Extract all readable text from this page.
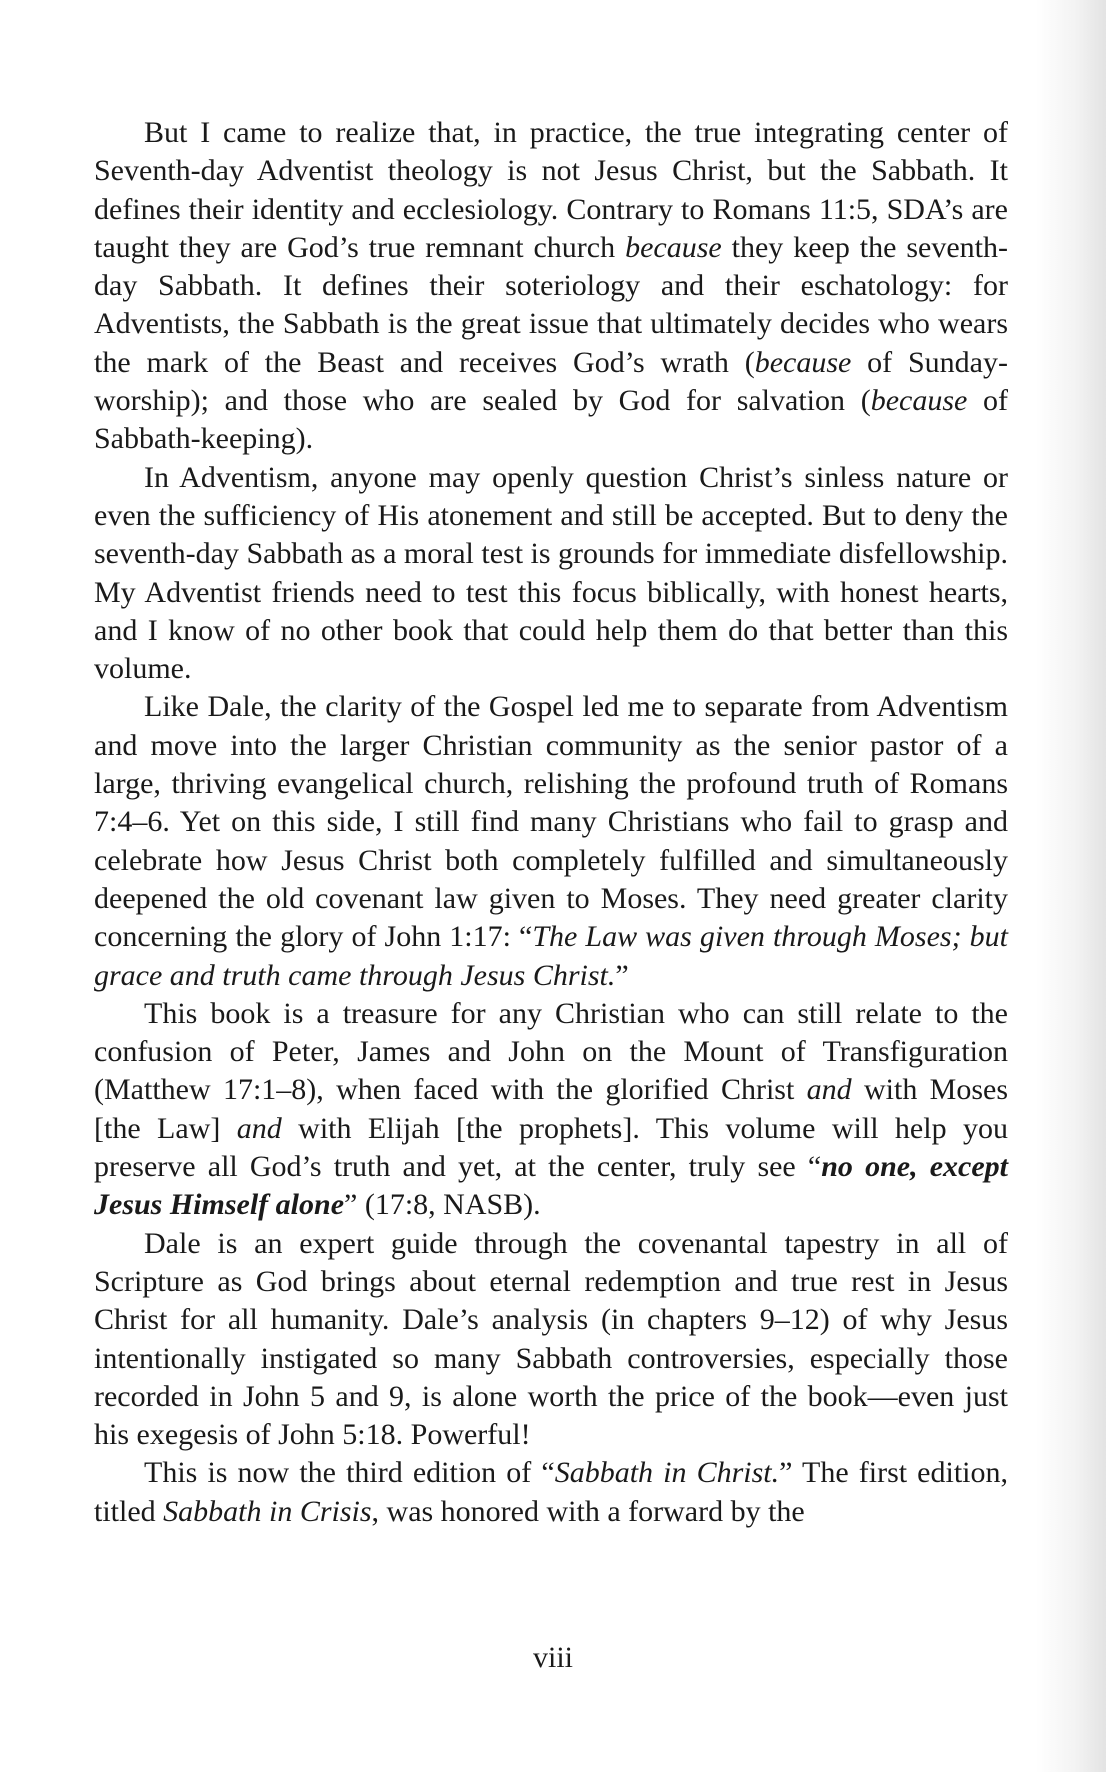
But I came to realize that, in practice, the true integrating center of Seventh-day Adventist theology is not Jesus Christ, but the Sabbath. It defines their identity and ecclesiology. Contrary to Romans 11:5, SDA’s are taught they are God’s true remnant church because they keep the seventh-day Sabbath. It defines their soteriology and their eschatology: for Adventists, the Sabbath is the great issue that ultimately decides who wears the mark of the Beast and receives God’s wrath (because of Sunday-worship); and those who are sealed by God for salvation (because of Sabbath-keeping).

In Adventism, anyone may openly question Christ’s sinless nature or even the sufficiency of His atonement and still be accepted. But to deny the seventh-day Sabbath as a moral test is grounds for immediate disfellowship. My Adventist friends need to test this focus biblically, with honest hearts, and I know of no other book that could help them do that better than this volume.

Like Dale, the clarity of the Gospel led me to separate from Adventism and move into the larger Christian community as the senior pastor of a large, thriving evangelical church, relishing the profound truth of Romans 7:4–6. Yet on this side, I still find many Christians who fail to grasp and celebrate how Jesus Christ both completely fulfilled and simultaneously deepened the old covenant law given to Moses. They need greater clarity concerning the glory of John 1:17: “The Law was given through Moses; but grace and truth came through Jesus Christ.”

This book is a treasure for any Christian who can still relate to the confusion of Peter, James and John on the Mount of Transfiguration (Matthew 17:1–8), when faced with the glorified Christ and with Moses [the Law] and with Elijah [the prophets]. This volume will help you preserve all God’s truth and yet, at the center, truly see “no one, except Jesus Himself alone” (17:8, NASB).

Dale is an expert guide through the covenantal tapestry in all of Scripture as God brings about eternal redemption and true rest in Jesus Christ for all humanity. Dale’s analysis (in chapters 9–12) of why Jesus intentionally instigated so many Sabbath controversies, especially those recorded in John 5 and 9, is alone worth the price of the book—even just his exegesis of John 5:18. Powerful!

This is now the third edition of “Sabbath in Christ.” The first edition, titled Sabbath in Crisis, was honored with a forward by the

viii
